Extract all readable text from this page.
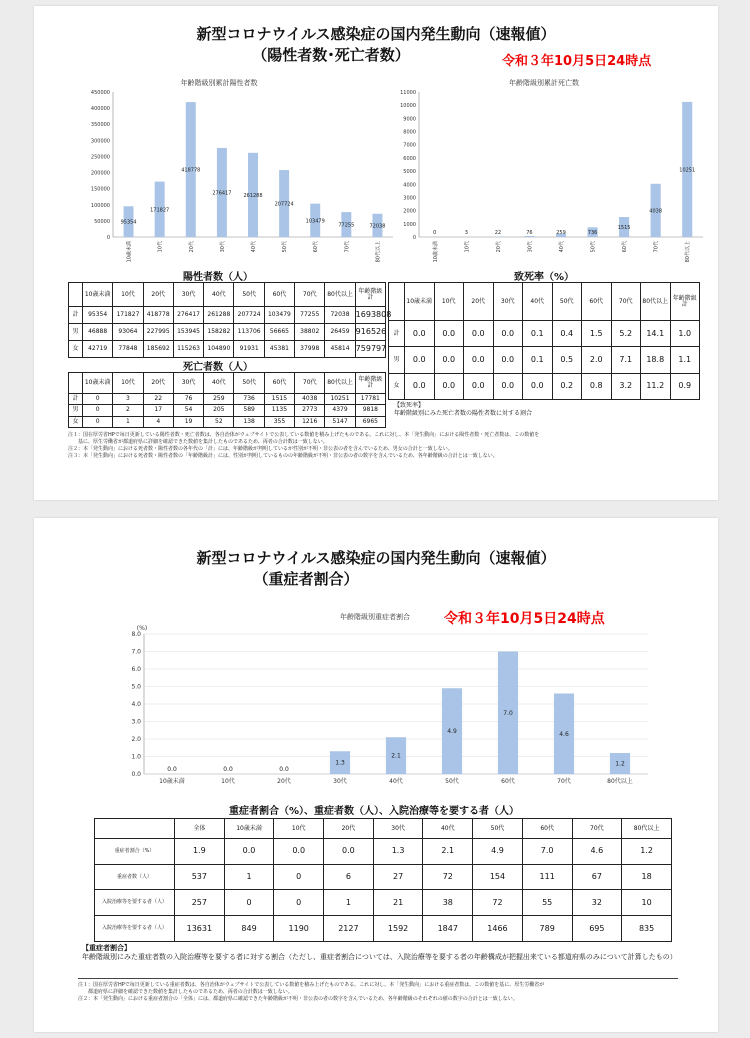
新型コロナウイルス感染症の国内発生動向（速報値）
（陽性者数･死亡者数）	令和３年10月5日24時点
年齢階級別累計陽性者数
0
50000
100000
150000
200000
250000
300000
350000
400000
450000
95354
10歳未満
171827
10代
418778
20代
276417
30代
261288
40代
207724
50代
103479
60代
77255
70代
72038
80代以上
年齢階級別累計死亡数
0
1000
2000
3000
4000
5000
6000
7000
8000
9000
10000
11000
0
10歳未満
3
10代
22
20代
76
30代
259
40代
736
50代
1515
60代
4038
70代
10251
80代以上
陽性者数（人）
	10歳未満	10代	20代	30代	40代	50代	60代	70代	80代以上	年齢階級計
計	95354	171827	418778	276417	261288	207724	103479	77255	72038	1693808
男	46888	93064	227995	153945	158282	113706	56665	38802	26459	916526
女	42719	77848	185692	115263	104890	91931	45381	37998	45814	759797
死亡者数（人）
	10歳未満	10代	20代	30代	40代	50代	60代	70代	80代以上	年齢階級計
計	0	3	22	76	259	736	1515	4038	10251	17781
男	0	2	17	54	205	589	1135	2773	4379	9818
女	0	1	4	19	52	138	355	1216	5147	6965
致死率（%）
	10歳未満	10代	20代	30代	40代	50代	60代	70代	80代以上	年齢階級計
計	0.0	0.0	0.0	0.0	0.1	0.4	1.5	5.2	14.1	1.0
男	0.0	0.0	0.0	0.0	0.1	0.5	2.0	7.1	18.8	1.1
女	0.0	0.0	0.0	0.0	0.0	0.2	0.8	3.2	11.2	0.9
【致死率】
年齢階級別にみた死亡者数の陽性者数に対する割合
注１：国在厚労省HPで毎日更新している陽性者数・死亡者数は、各自治体がウェブサイトで公表している数値を積み上げたものである。これに対し、本「発生動向」における陽性者数・死亡者数は、この数値を
　　基に、厚生労働省が都道府県に詳細を確認できた数値を集計したものであるため、両者の合計数は一致しない。
注２：本「発生動向」における死者数・陽性者数の各年代の「計」には、年齢階級が判明しているが性別が不明・非公表の者を含んでいるため、男女の合計と一致しない。
注３：本「発生動向」における死者数・陽性者数の「年齢階級計」には、性別が判明しているものの年齢階級が不明・非公表の者の数字を含んでいるため、各年齢階級の合計とは一致しない。
新型コロナウイルス感染症の国内発生動向（速報値）
（重症者割合）
年齢階級別重症者割合	令和３年10月5日24時点
0.0
1.0
2.0
3.0
4.0
5.0
6.0
7.0
8.0
(%)
0.0
10歳未満
0.0
10代
0.0
20代
1.3
30代
2.1
40代
4.9
50代
7.0
60代
4.6
70代
1.2
80代以上
重症者割合（%）、重症者数（人）、入院治療等を要する者（人）
	全体	10歳未満	10代	20代	30代	40代	50代	60代	70代	80代以上
重症者割合（%）	1.9	0.0	0.0	0.0	1.3	2.1	4.9	7.0	4.6	1.2
重症者数（人）	537	1	0	6	27	72	154	111	67	18
入院治療等を要する者（人）	257	0	0	1	21	38	72	55	32	10
入院治療等を要する者（人）	13631	849	1190	2127	1592	1847	1466	789	695	835
【重症者割合】
年齢階級別にみた重症者数の入院治療等を要する者に対する割合（ただし、重症者割合については、入院治療等を要する者の年齢構成が把握出来ている都道府県のみについて計算したもの）
注１：国在厚労省HPで毎日更新している重症者数は、各自治体がウェブサイトで公表している数値を積み上げたものである。これに対し、本「発生動向」における重症者数は、この数値を基に、厚生労働省が
　　都道府県に詳細を確認できた数値を集計したものであるため、両者の合計数は一致しない。
注２：本「発生動向」における重症者割合の「全体」には、都道府県に確認できた年齢階級が不明・非公表の者の数字を含んでいるため、各年齢階級のそれぞれの値の数字の合計とは一致しない。
